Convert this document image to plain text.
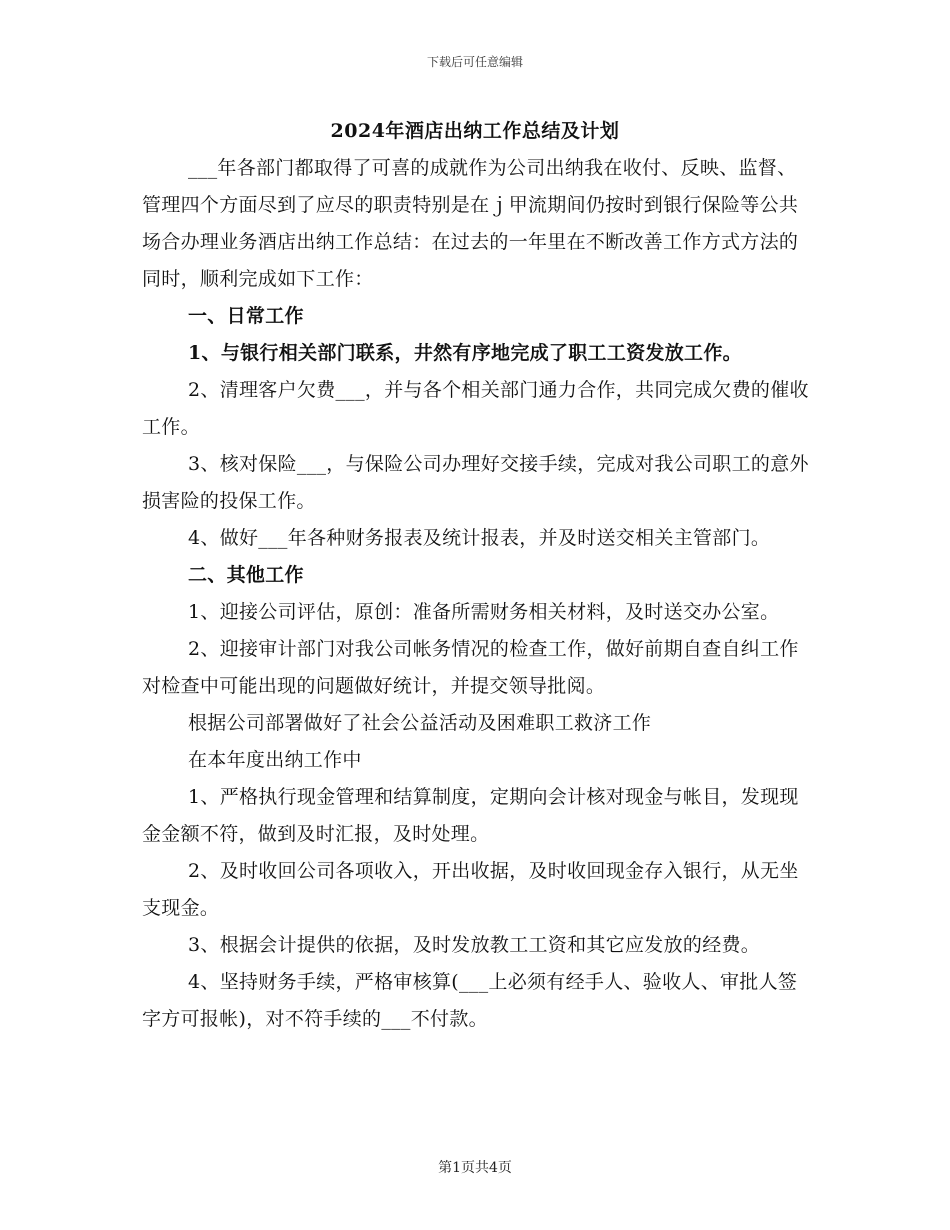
下载后可任意编辑
2024年酒店出纳工作总结及计划

___年各部门都取得了可喜的成就作为公司出纳我在收付、反映、监督、管理四个方面尽到了应尽的职责特别是在ｊ甲流期间仍按时到银行保险等公共场合办理业务酒店出纳工作总结：在过去的一年里在不断改善工作方式方法的同时，顺利完成如下工作：

一、日常工作

1、与银行相关部门联系，井然有序地完成了职工工资发放工作。

2、清理客户欠费___，并与各个相关部门通力合作，共同完成欠费的催收工作。

3、核对保险___，与保险公司办理好交接手续，完成对我公司职工的意外损害险的投保工作。

4、做好___年各种财务报表及统计报表，并及时送交相关主管部门。

二、其他工作

1、迎接公司评估，原创：准备所需财务相关材料，及时送交办公室。

2、迎接审计部门对我公司帐务情况的检查工作，做好前期自查自纠工作对检查中可能出现的问题做好统计，并提交领导批阅。

根据公司部署做好了社会公益活动及困难职工救济工作

在本年度出纳工作中

1、严格执行现金管理和结算制度，定期向会计核对现金与帐目，发现现金金额不符，做到及时汇报，及时处理。

2、及时收回公司各项收入，开出收据，及时收回现金存入银行，从无坐支现金。

3、根据会计提供的依据，及时发放教工工资和其它应发放的经费。

4、坚持财务手续，严格审核算(___上必须有经手人、验收人、审批人签字方可报帐)，对不符手续的___不付款。

第1页共4页
